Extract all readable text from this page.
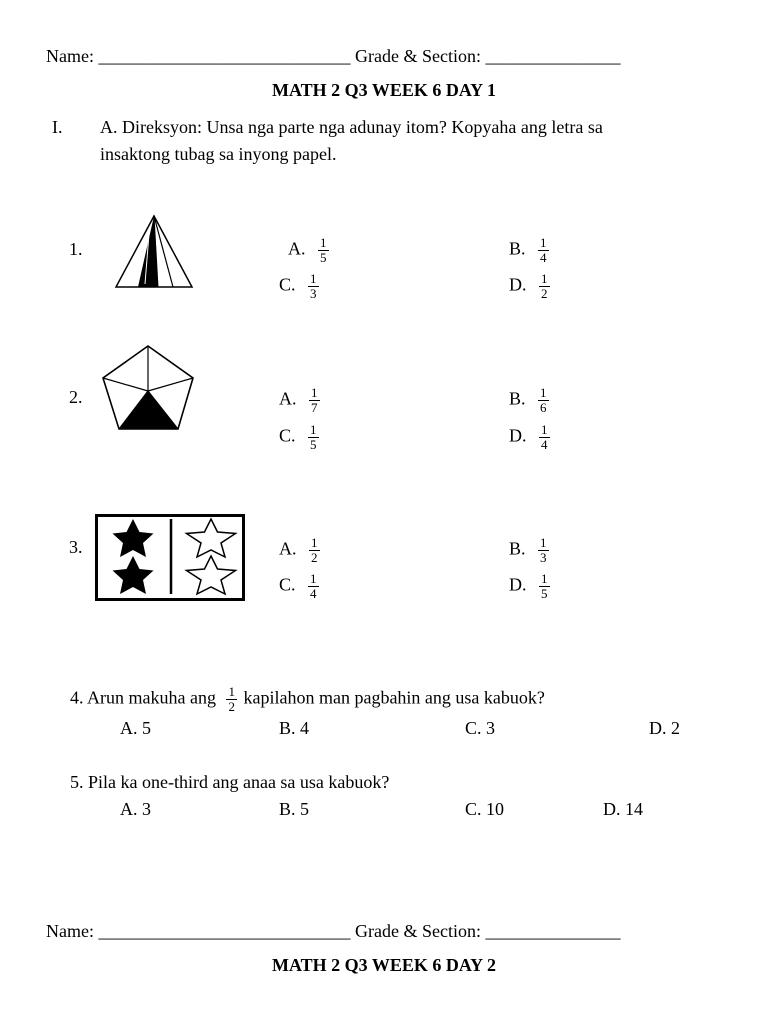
Name: ____________________________ Grade & Section: _______________
MATH 2 Q3 WEEK 6 DAY 1
I. A. Direksyon: Unsa nga parte nga adunay itom? Kopyaha ang letra sa
insaktong tubag sa inyong papel.
1.	A. $\frac{1}{5}$	B. $\frac{1}{4}$
C. $\frac{1}{3}$	D. $\frac{1}{2}$
2.	A. $\frac{1}{7}$	B. $\frac{1}{6}$
C. $\frac{1}{5}$	D. $\frac{1}{4}$
3.	A. $\frac{1}{2}$	B. $\frac{1}{3}$
C. $\frac{1}{4}$	D. $\frac{1}{5}$
4. Arun makuha ang $\frac{1}{2}$ kapilahon man pagbahin ang usa kabuok?
A. 5	B. 4	C. 3	D. 2
5. Pila ka one-third ang anaa sa usa kabuok?
A. 3	B. 5	C. 10	D. 14
Name: ____________________________ Grade & Section: _______________
MATH 2 Q3 WEEK 6 DAY 2
